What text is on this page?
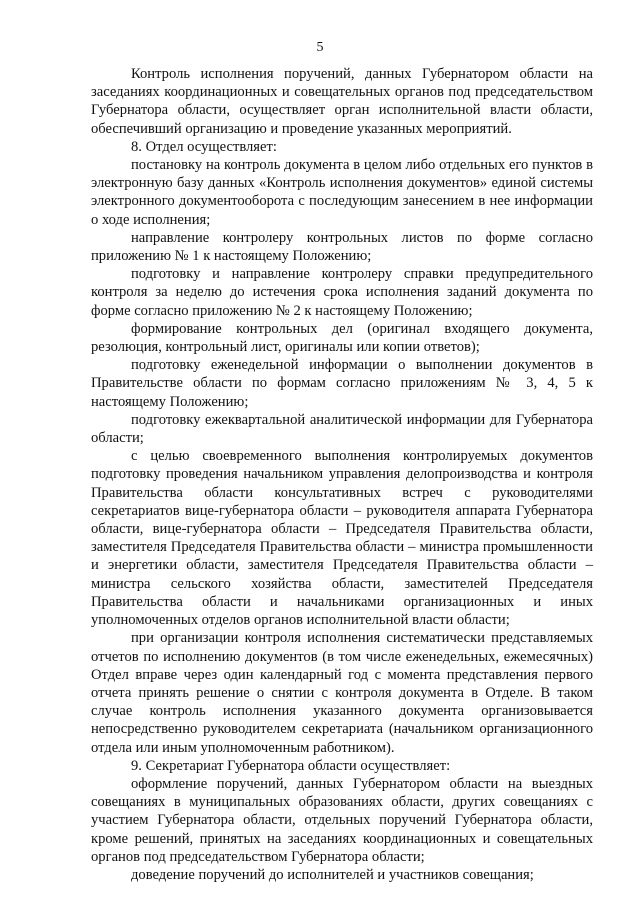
5

Контроль исполнения поручений, данных Губернатором области на заседаниях координационных и совещательных органов под председательством Губернатора области, осуществляет орган исполнительной власти области, обеспечивший организацию и проведение указанных мероприятий.

8. Отдел осуществляет:

постановку на контроль документа в целом либо отдельных его пунктов в электронную базу данных «Контроль исполнения документов» единой системы электронного документооборота с последующим занесением в нее информации о ходе исполнения;

направление контролеру контрольных листов по форме согласно приложению № 1 к настоящему Положению;

подготовку и направление контролеру справки предупредительного контроля за неделю до истечения срока исполнения заданий документа по форме согласно приложению № 2 к настоящему Положению;

формирование контрольных дел (оригинал входящего документа, резолюция, контрольный лист, оригиналы или копии ответов);

подготовку еженедельной информации о выполнении документов в Правительстве области по формам согласно приложениям № 3, 4, 5 к настоящему Положению;

подготовку ежеквартальной аналитической информации для Губернатора области;

с целью своевременного выполнения контролируемых документов подготовку проведения начальником управления делопроизводства и контроля Правительства области консультативных встреч с руководителями секретариатов вице-губернатора области – руководителя аппарата Губернатора области, вице-губернатора области – Председателя Правительства области, заместителя Председателя Правительства области – министра промышленности и энергетики области, заместителя Председателя Правительства области – министра сельского хозяйства области, заместителей Председателя Правительства области и начальниками организационных и иных уполномоченных отделов органов исполнительной власти области;

при организации контроля исполнения систематически представляемых отчетов по исполнению документов (в том числе еженедельных, ежемесячных) Отдел вправе через один календарный год с момента представления первого отчета принять решение о снятии с контроля документа в Отделе. В таком случае контроль исполнения указанного документа организовывается непосредственно руководителем секретариата (начальником организационного отдела или иным уполномоченным работником).

9. Секретариат Губернатора области осуществляет:

оформление поручений, данных Губернатором области на выездных совещаниях в муниципальных образованиях области, других совещаниях с участием Губернатора области, отдельных поручений Губернатора области, кроме решений, принятых на заседаниях координационных и совещательных органов под председательством Губернатора области;

доведение поручений до исполнителей и участников совещания;
